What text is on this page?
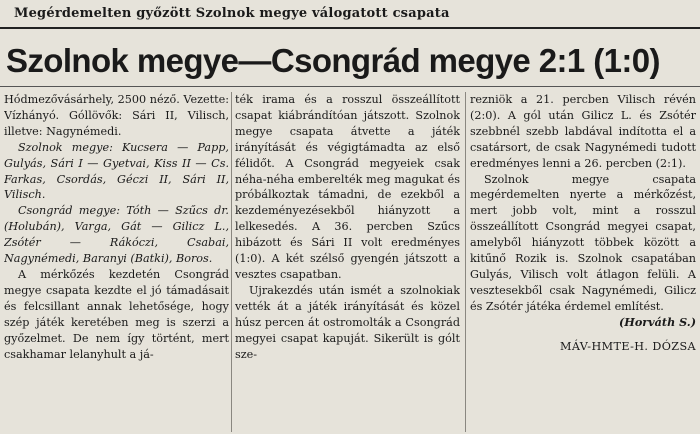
Megérdemelten győzött Szolnok megye válogatott csapata
Szolnok megye—Csongrád megye 2:1 (1:0)

Hódmezővásárhely, 2500 néző. Vezette: Vízhányó. Góllövők: Sári II, Vilisch, illetve: Nagynémedi.

Szolnok megye: Kucsera — Papp, Gulyás, Sári I — Gyetvai, Kiss II — Cs. Farkas, Csordás, Géczi II, Sári II, Vilisch.

Csongrád megye: Tóth — Szűcs dr. (Holubán), Varga, Gát — Gilicz L., Zsótér — Rákóczi, Csabai, Nagynémedi, Baranyi (Batki), Boros.

A mérkőzés kezdetén Csongrád megye csapata kezdte el jó támadásait és felcsillant annak lehetősége, hogy szép játék keretében meg is szerzi a győzelmet. De nem így történt, mert csakhamar lelanyhult a já-

ték irama és a rosszul összeállított csapat kiábrándítóan játszott. Szolnok megye csapata átvette a játék irányítását és végigtámadta az első félidőt. A Csongrád megyeiek csak néha-néha emberelték meg magukat és próbálkoztak támadni, de ezekből a kezdeményezésekből hiányzott a lelkesedés. A 36. percben Szűcs hibázott és Sári II volt eredményes (1:0). A két szélső gyengén játszott a vesztes csapatban.

Ujrakezdés után ismét a szolnokiak vették át a játék irányítását és közel húsz percen át ostromolták a Csongrád megyei csapat kapuját. Sikerült is gólt sze-

rezniök a 21. percben Vilisch révén (2:0). A gól után Gilicz L. és Zsótér szebbnél szebb labdával indította el a csatársort, de csak Nagynémedi tudott eredményes lenni a 26. percben (2:1).

Szolnok megye csapata megérdemelten nyerte a mérkőzést, mert jobb volt, mint a rosszul összeállított Csongrád megyei csapat, amelyből hiányzott többek között a kitűnő Rozik is. Szolnok csapatában Gulyás, Vilisch volt átlagon felüli. A vesztesekből csak Nagynémedi, Gilicz és Zsótér játéka érdemel említést.

(Horváth S.)

MÁV-HMTE-H. DÓZSA
